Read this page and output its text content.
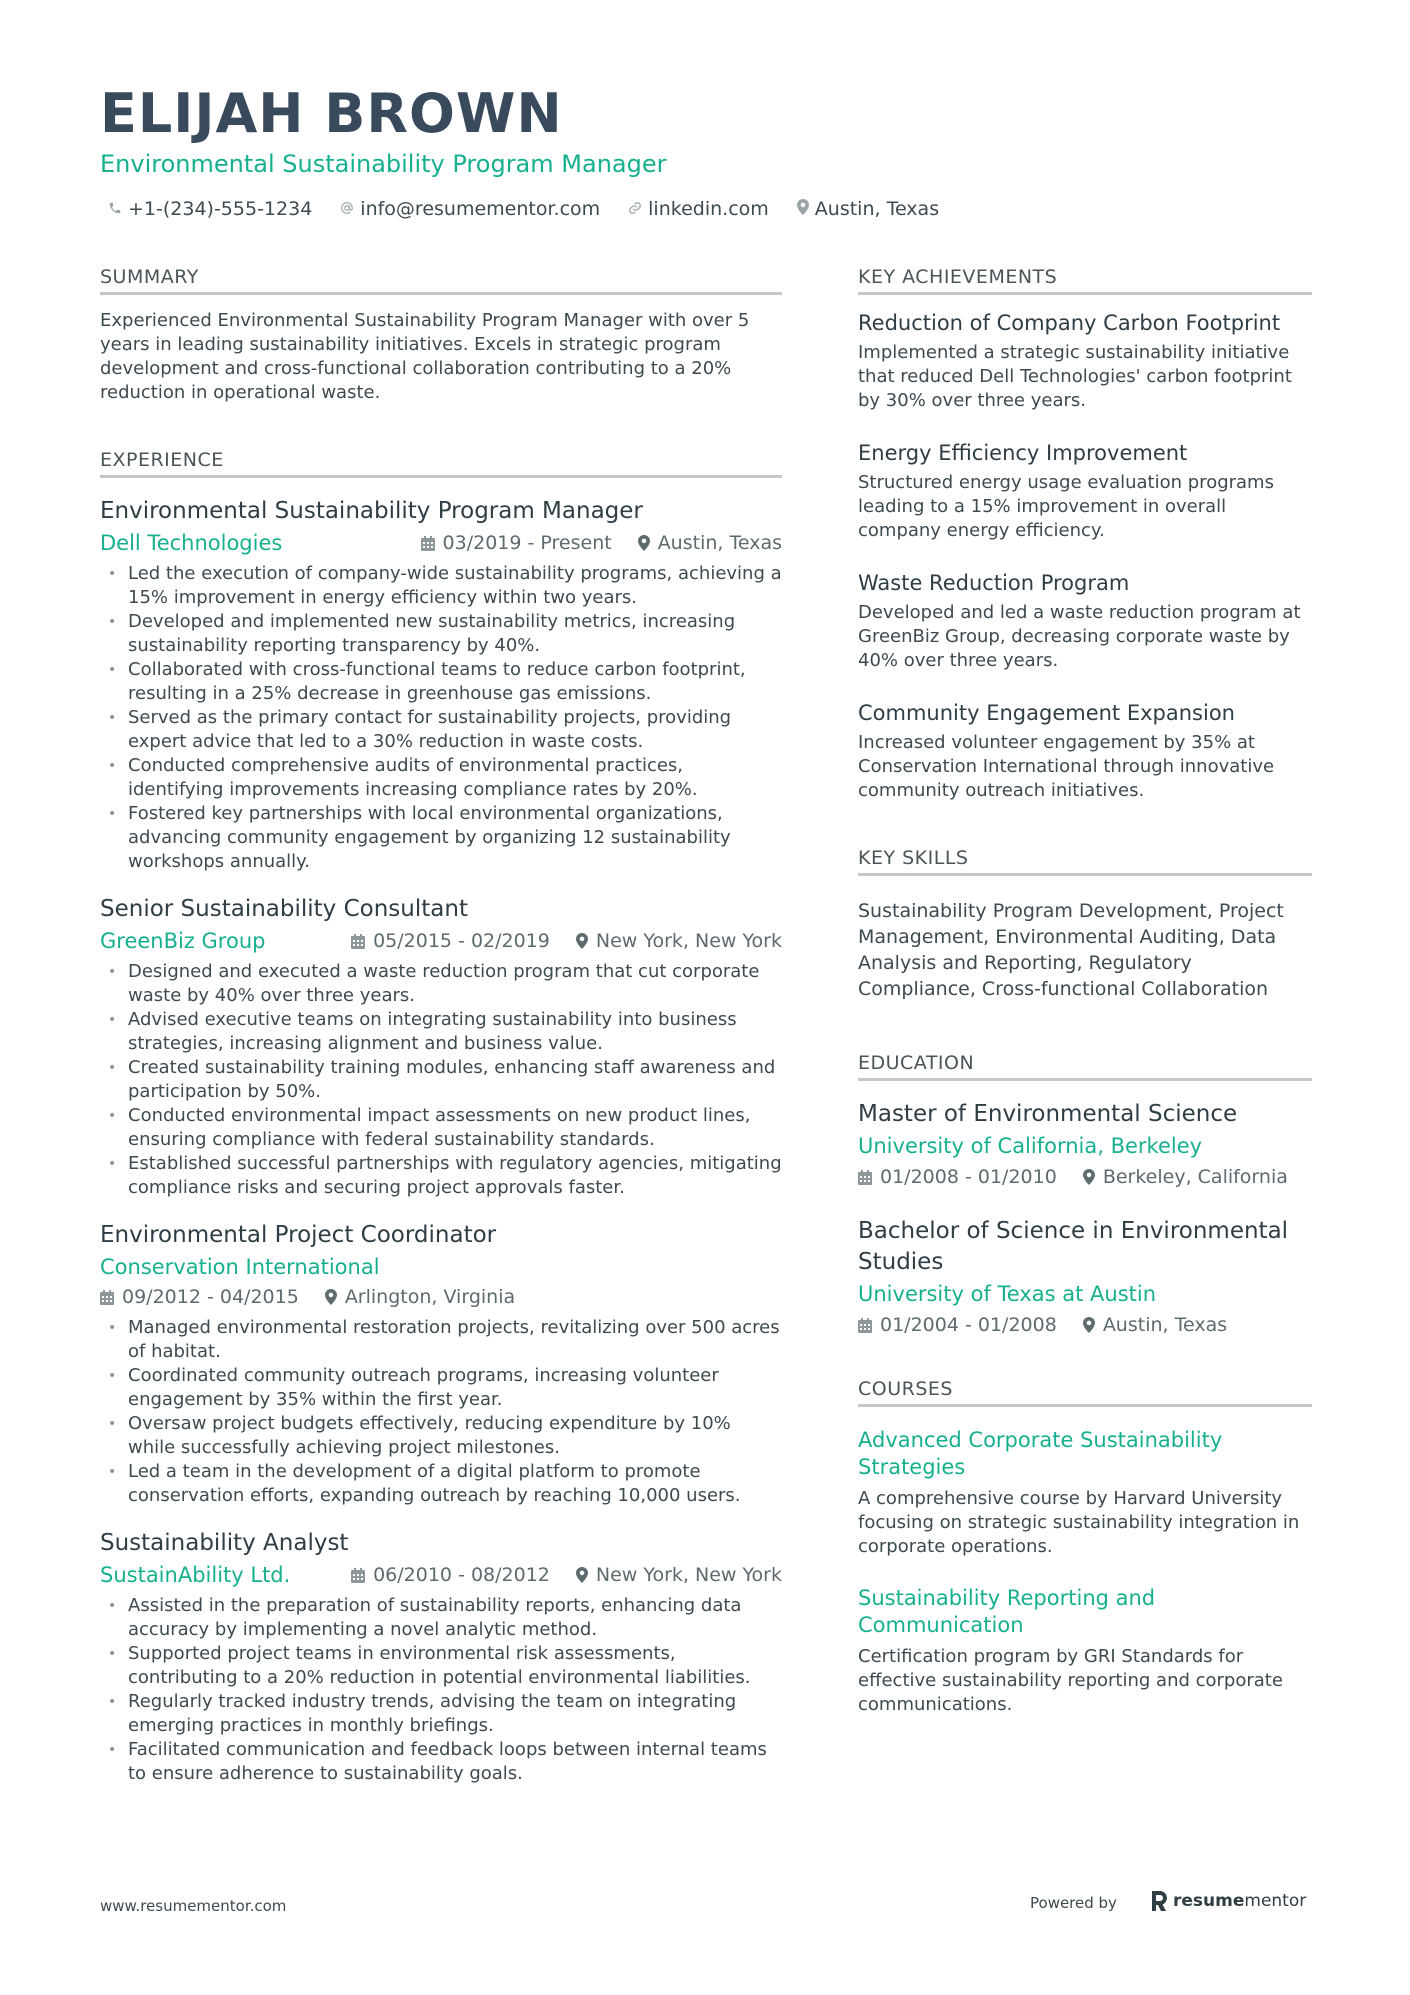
ELIJAH BROWN
Environmental Sustainability Program Manager
+1-(234)-555-1234	info@resumementor.com	linkedin.com Austin, Texas
SUMMARY
Experienced Environmental Sustainability Program Manager with over 5 years in leading sustainability initiatives. Excels in strategic program development and cross-functional collaboration contributing to a 20% reduction in operational waste.
EXPERIENCE
Environmental Sustainability Program Manager
Dell Technologies	03/2019 - Present Austin, Texas
• Led the execution of company-wide sustainability programs, achieving a 15% improvement in energy efficiency within two years.
• Developed and implemented new sustainability metrics, increasing sustainability reporting transparency by 40%.
• Collaborated with cross-functional teams to reduce carbon footprint, resulting in a 25% decrease in greenhouse gas emissions.
• Served as the primary contact for sustainability projects, providing expert advice that led to a 30% reduction in waste costs.
• Conducted comprehensive audits of environmental practices, identifying improvements increasing compliance rates by 20%.
• Fostered key partnerships with local environmental organizations, advancing community engagement by organizing 12 sustainability workshops annually.
Senior Sustainability Consultant
GreenBiz Group	05/2015 - 02/2019 New York, New York
• Designed and executed a waste reduction program that cut corporate waste by 40% over three years.
• Advised executive teams on integrating sustainability into business strategies, increasing alignment and business value.
• Created sustainability training modules, enhancing staff awareness and participation by 50%.
• Conducted environmental impact assessments on new product lines, ensuring compliance with federal sustainability standards.
• Established successful partnerships with regulatory agencies, mitigating compliance risks and securing project approvals faster.
Environmental Project Coordinator
Conservation International
09/2012 - 04/2015 Arlington, Virginia
• Managed environmental restoration projects, revitalizing over 500 acres of habitat.
• Coordinated community outreach programs, increasing volunteer engagement by 35% within the first year.
• Oversaw project budgets effectively, reducing expenditure by 10% while successfully achieving project milestones.
• Led a team in the development of a digital platform to promote conservation efforts, expanding outreach by reaching 10,000 users.
Sustainability Analyst
SustainAbility Ltd.	06/2010 - 08/2012 New York, New York
• Assisted in the preparation of sustainability reports, enhancing data accuracy by implementing a novel analytic method.
• Supported project teams in environmental risk assessments, contributing to a 20% reduction in potential environmental liabilities.
• Regularly tracked industry trends, advising the team on integrating emerging practices in monthly briefings.
• Facilitated communication and feedback loops between internal teams to ensure adherence to sustainability goals.
KEY ACHIEVEMENTS
Reduction of Company Carbon Footprint
Implemented a strategic sustainability initiative that reduced Dell Technologies' carbon footprint by 30% over three years.
Energy Efficiency Improvement
Structured energy usage evaluation programs leading to a 15% improvement in overall company energy efficiency.
Waste Reduction Program
Developed and led a waste reduction program at GreenBiz Group, decreasing corporate waste by 40% over three years.
Community Engagement Expansion
Increased volunteer engagement by 35% at Conservation International through innovative community outreach initiatives.
KEY SKILLS
Sustainability Program Development, Project Management, Environmental Auditing, Data Analysis and Reporting, Regulatory Compliance, Cross-functional Collaboration
EDUCATION
Master of Environmental Science
University of California, Berkeley
01/2008 - 01/2010 Berkeley, California
Bachelor of Science in Environmental Studies
University of Texas at Austin
01/2004 - 01/2008 Austin, Texas
COURSES
Advanced Corporate Sustainability Strategies
A comprehensive course by Harvard University focusing on strategic sustainability integration in corporate operations.
Sustainability Reporting and Communication
Certification program by GRI Standards for effective sustainability reporting and corporate communications.
www.resumementor.com	Powered by	resume mentor
